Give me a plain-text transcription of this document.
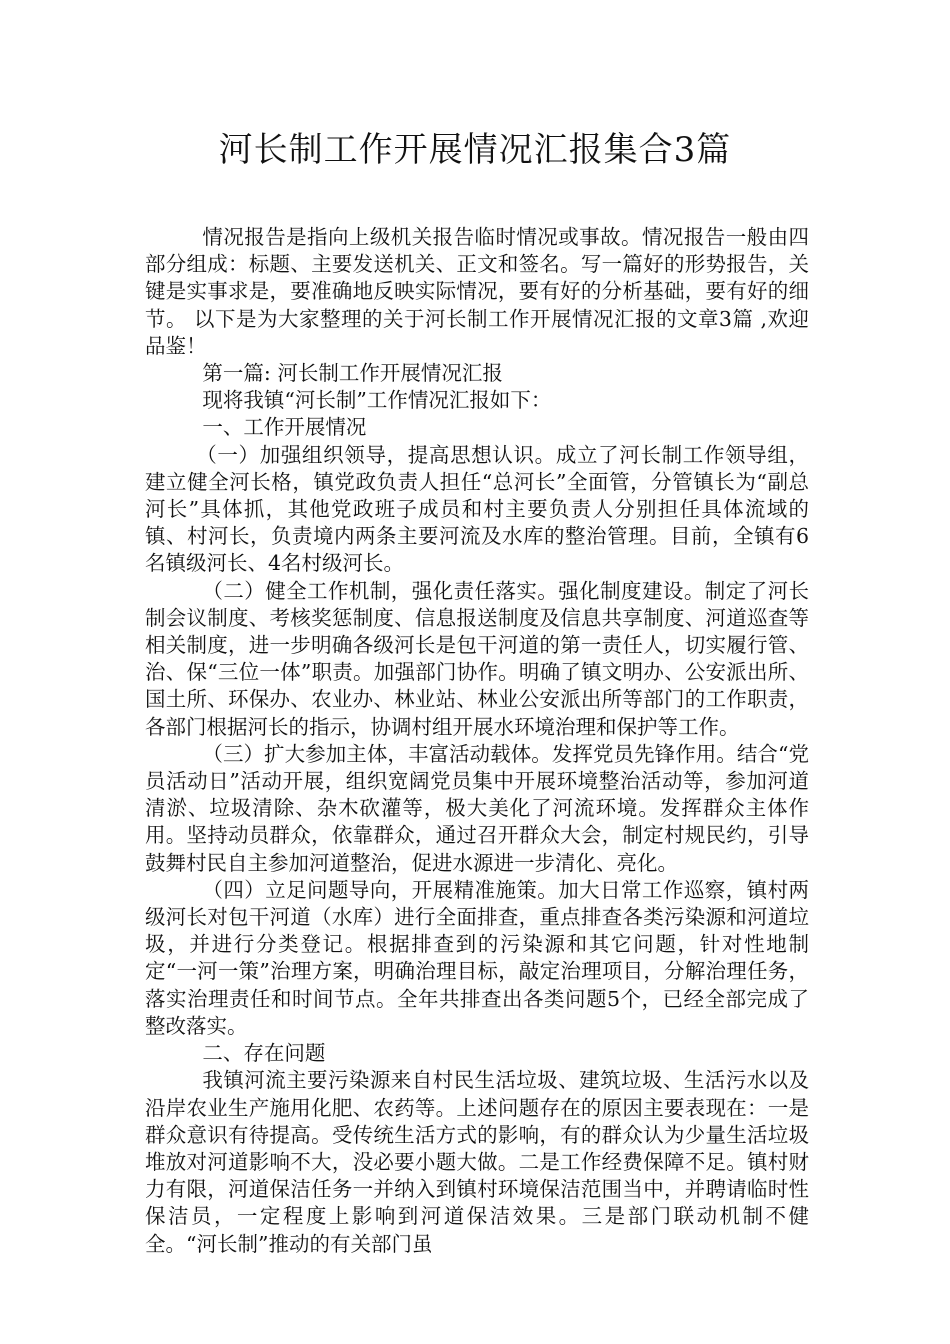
河长制工作开展情况汇报集合3篇

情况报告是指向上级机关报告临时情况或事故。情况报告一般由四部分组成：标题、主要发送机关、正文和签名。写一篇好的形势报告，关键是实事求是，要准确地反映实际情况，要有好的分析基础，要有好的细节。 以下是为大家整理的关于河长制工作开展情况汇报的文章3篇 ,欢迎品鉴！

第一篇: 河长制工作开展情况汇报

现将我镇“河长制”工作情况汇报如下：

一、工作开展情况

（一）加强组织领导，提高思想认识。成立了河长制工作领导组，建立健全河长格，镇党政负责人担任“总河长”全面管，分管镇长为“副总河长”具体抓，其他党政班子成员和村主要负责人分别担任具体流域的镇、村河长，负责境内两条主要河流及水库的整治管理。目前，全镇有6名镇级河长、4名村级河长。

（二）健全工作机制，强化责任落实。强化制度建设。制定了河长制会议制度、考核奖惩制度、信息报送制度及信息共享制度、河道巡查等相关制度，进一步明确各级河长是包干河道的第一责任人，切实履行管、治、保“三位一体”职责。加强部门协作。明确了镇文明办、公安派出所、国土所、环保办、农业办、林业站、林业公安派出所等部门的工作职责，各部门根据河长的指示，协调村组开展水环境治理和保护等工作。

（三）扩大参加主体，丰富活动载体。发挥党员先锋作用。结合“党员活动日”活动开展，组织宽阔党员集中开展环境整治活动等，参加河道清淤、垃圾清除、杂木砍灌等，极大美化了河流环境。发挥群众主体作用。坚持动员群众，依靠群众，通过召开群众大会，制定村规民约，引导鼓舞村民自主参加河道整治，促进水源进一步清化、亮化。

（四）立足问题导向，开展精准施策。加大日常工作巡察，镇村两级河长对包干河道（水库）进行全面排查，重点排查各类污染源和河道垃圾，并进行分类登记。根据排查到的污染源和其它问题，针对性地制定“一河一策”治理方案，明确治理目标，敲定治理项目，分解治理任务，落实治理责任和时间节点。全年共排查出各类问题5个，已经全部完成了整改落实。

二、存在问题

我镇河流主要污染源来自村民生活垃圾、建筑垃圾、生活污水以及沿岸农业生产施用化肥、农药等。上述问题存在的原因主要表现在：一是群众意识有待提高。受传统生活方式的影响，有的群众认为少量生活垃圾堆放对河道影响不大，没必要小题大做。二是工作经费保障不足。镇村财力有限，河道保洁任务一并纳入到镇村环境保洁范围当中，并聘请临时性保洁员，一定程度上影响到河道保洁效果。三是部门联动机制不健全。“河长制”推动的有关部门虽
